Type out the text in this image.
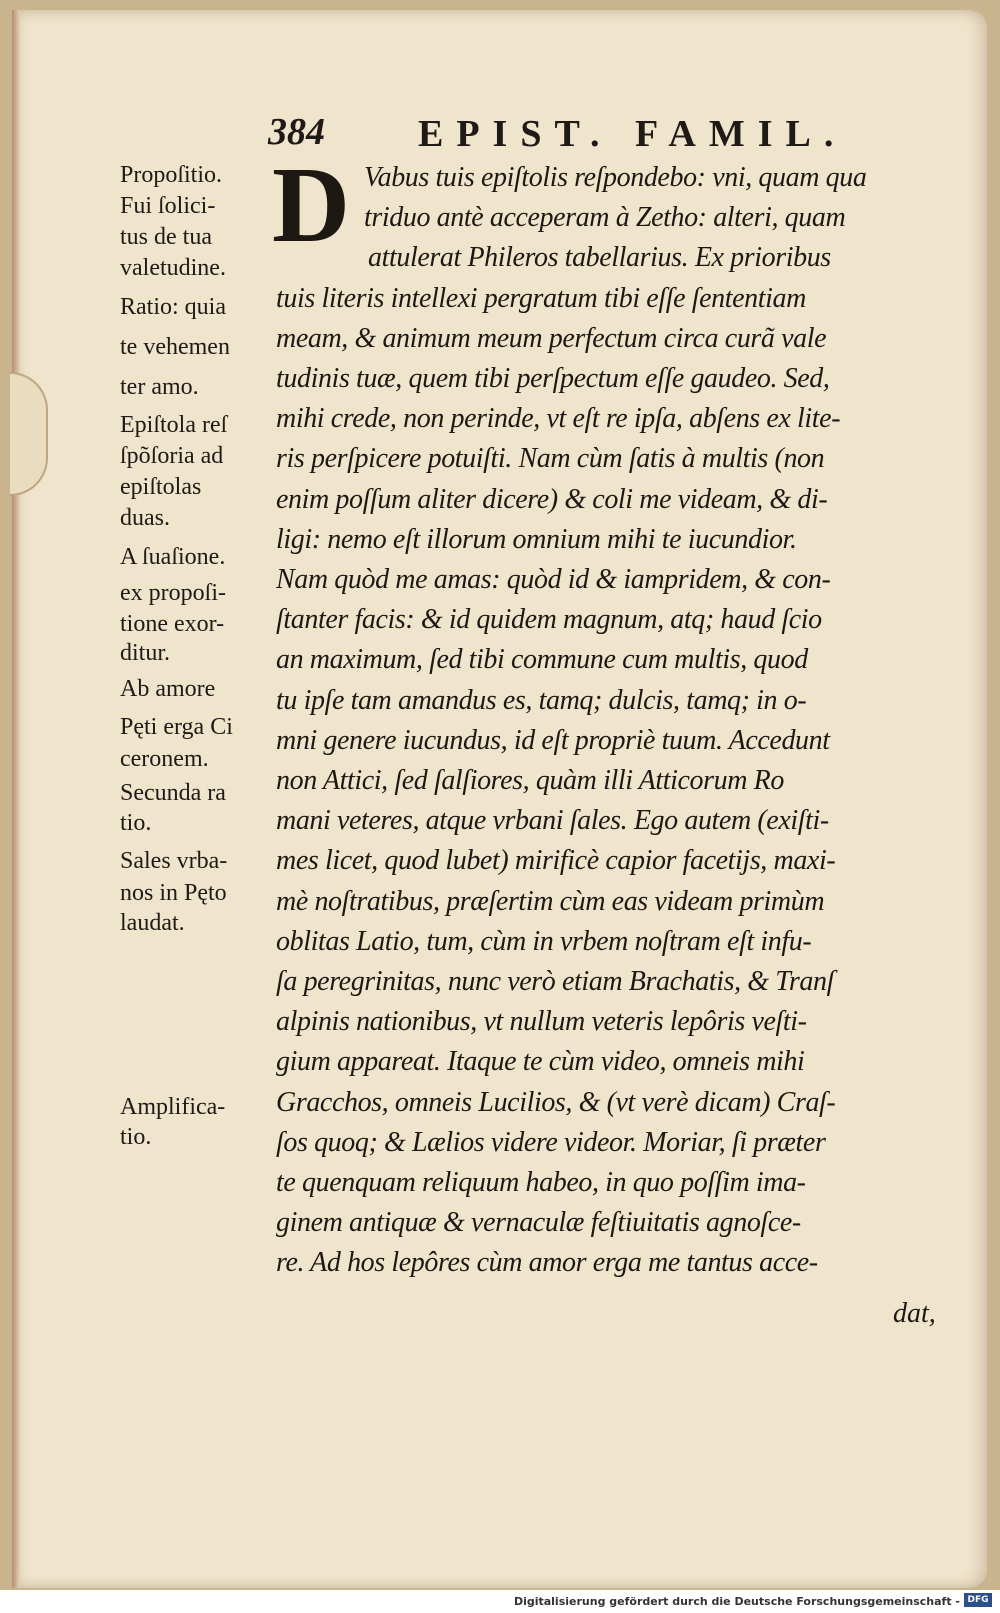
384 EPIST. FAMIL.
Propoſitio.
Fui ſolici-
tus de tua
valetudine.
Ratio: quia
te vehemen
ter amo.
Epiſtola reſ
ſpõſoria ad
epiſtolas
duas.
A ſuaſione.
ex propoſi-
tione exor-
ditur.
Ab amore
Pęti erga Ci
ceronem.
Secunda ra
tio.
Sales vrba-
nos in Pęto
laudat.
Amplifica-
tio.
D Vabus tuis epiſtolis reſpondebo: vni, quam qua
triduo antè acceperam à Zetho: alteri, quam
attulerat Phileros tabellarius. Ex prioribus
tuis literis intellexi pergratum tibi eſſe ſententiam
meam, & animum meum perfectum circa curã vale
tudinis tuæ, quem tibi perſpectum eſſe gaudeo. Sed,
mihi crede, non perinde, vt eſt re ipſa, abſens ex lite-
ris perſpicere potuiſti. Nam cùm ſatis à multis (non
enim poſſum aliter dicere) & coli me videam, & di-
ligi: nemo eſt illorum omnium mihi te iucundior.
Nam quòd me amas: quòd id & iampridem, & con-
ſtanter facis: & id quidem magnum, atq; haud ſcio
an maximum, ſed tibi commune cum multis, quod
tu ipſe tam amandus es, tamq; dulcis, tamq; in o-
mni genere iucundus, id eſt propriè tuum. Accedunt
non Attici, ſed ſalſiores, quàm illi Atticorum Ro
mani veteres, atque vrbani ſales. Ego autem (exiſti-
mes licet, quod lubet) mirificè capior facetijs, maxi-
mè noſtratibus, præſertim cùm eas videam primùm
oblitas Latio, tum, cùm in vrbem noſtram eſt infu-
ſa peregrinitas, nunc verò etiam Brachatis, & Tranſ
alpinis nationibus, vt nullum veteris lepôris veſti-
gium appareat. Itaque te cùm video, omneis mihi
Gracchos, omneis Lucilios, & (vt verè dicam) Craſ-
ſos quoq; & Lælios videre videor. Moriar, ſi præter
te quenquam reliquum habeo, in quo poſſim ima-
ginem antiquæ & vernaculæ feſtiuitatis agnoſce-
re. Ad hos lepôres cùm amor erga me tantus acce-
dat,
Digitalisierung gefördert durch die Deutsche Forschungsgemeinschaft - DFG
